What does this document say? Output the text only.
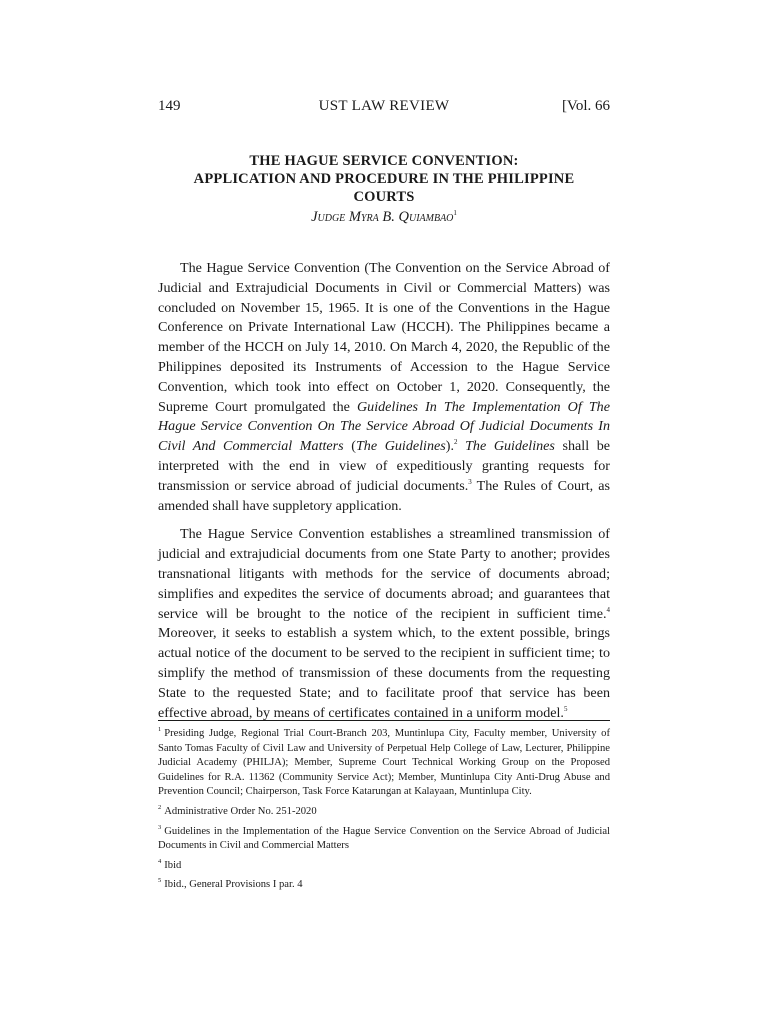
149	UST LAW REVIEW	[Vol. 66
THE HAGUE SERVICE CONVENTION:
APPLICATION AND PROCEDURE IN THE PHILIPPINE
COURTS
Judge Myra B. Quiambao$^1$

The Hague Service Convention (The Convention on the Service Abroad of Judicial and Extrajudicial Documents in Civil or Commercial Matters) was concluded on November 15, 1965. It is one of the Conventions in the Hague Conference on Private International Law (HCCH). The Philippines became a member of the HCCH on July 14, 2010. On March 4, 2020, the Republic of the Philippines deposited its Instruments of Accession to the Hague Service Convention, which took into effect on October 1, 2020. Consequently, the Supreme Court promulgated the Guidelines In The Implementation Of The Hague Service Convention On The Service Abroad Of Judicial Documents In Civil And Commercial Matters (The Guidelines).$^2$ The Guidelines shall be interpreted with the end in view of expeditiously granting requests for transmission or service abroad of judicial documents.$^3$ The Rules of Court, as amended shall have suppletory application.

The Hague Service Convention establishes a streamlined transmission of judicial and extrajudicial documents from one State Party to another; provides transnational litigants with methods for the service of documents abroad; simplifies and expedites the service of documents abroad; and guarantees that service will be brought to the notice of the recipient in sufficient time.$^4$ Moreover, it seeks to establish a system which, to the extent possible, brings actual notice of the document to be served to the recipient in sufficient time; to simplify the method of transmission of these documents from the requesting State to the requested State; and to facilitate proof that service has been effective abroad, by means of certificates contained in a uniform model.$^5$

$^1$ Presiding Judge, Regional Trial Court-Branch 203, Muntinlupa City, Faculty member, University of Santo Tomas Faculty of Civil Law and University of Perpetual Help College of Law, Lecturer, Philippine Judicial Academy (PHILJA); Member, Supreme Court Technical Working Group on the Proposed Guidelines for R.A. 11362 (Community Service Act); Member, Muntinlupa City Anti-Drug Abuse and Prevention Council; Chairperson, Task Force Katarungan at Kalayaan, Muntinlupa City.
$^2$ Administrative Order No. 251-2020
$^3$ Guidelines in the Implementation of the Hague Service Convention on the Service Abroad of Judicial Documents in Civil and Commercial Matters
$^4$ Ibid
$^5$ Ibid., General Provisions I par. 4
